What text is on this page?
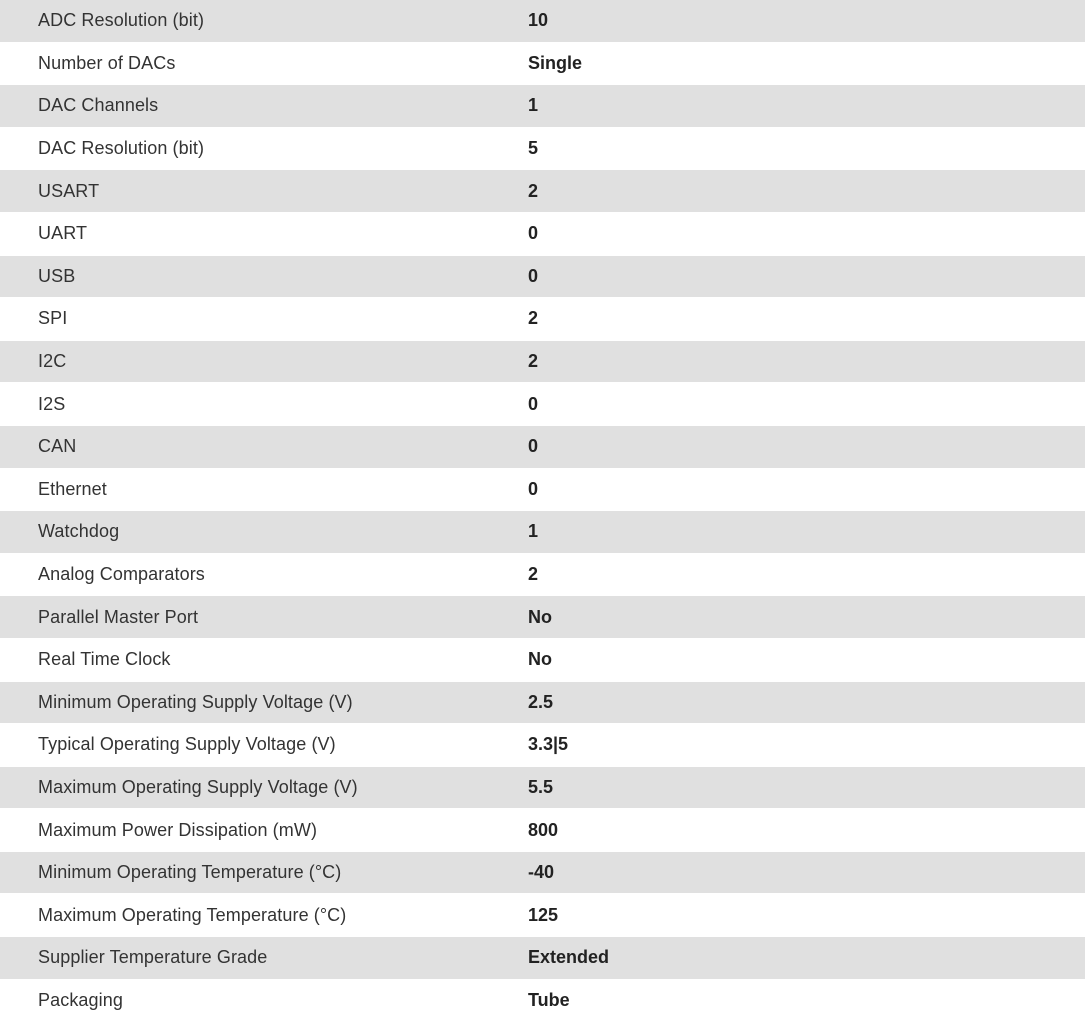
ADC Resolution (bit)	10
Number of DACs	Single
DAC Channels	1
DAC Resolution (bit)	5
USART	2
UART	0
USB	0
SPI	2
I2C	2
I2S	0
CAN	0
Ethernet	0
Watchdog	1
Analog Comparators	2
Parallel Master Port	No
Real Time Clock	No
Minimum Operating Supply Voltage (V)	2.5
Typical Operating Supply Voltage (V)	3.3|5
Maximum Operating Supply Voltage (V)	5.5
Maximum Power Dissipation (mW)	800
Minimum Operating Temperature (°C)	-40
Maximum Operating Temperature (°C)	125
Supplier Temperature Grade	Extended
Packaging	Tube
